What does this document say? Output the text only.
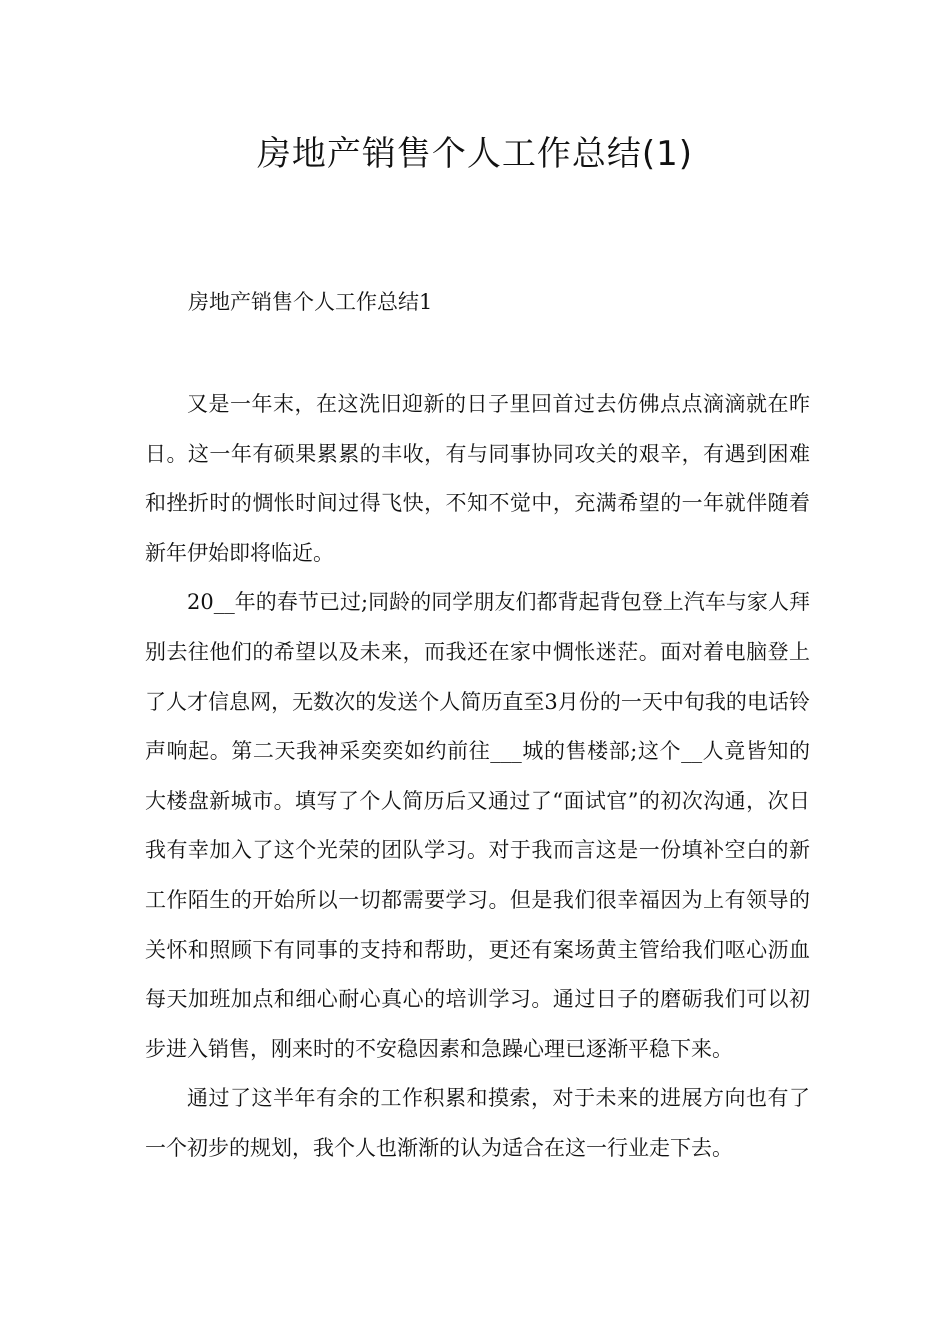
房地产销售个人工作总结(1)

房地产销售个人工作总结1

又是一年末，在这洗旧迎新的日子里回首过去仿佛点点滴滴就在昨日。这一年有硕果累累的丰收，有与同事协同攻关的艰辛，有遇到困难和挫折时的惆怅时间过得飞快，不知不觉中，充满希望的一年就伴随着新年伊始即将临近。

20__年的春节已过;同龄的同学朋友们都背起背包登上汽车与家人拜别去往他们的希望以及未来，而我还在家中惆怅迷茫。面对着电脑登上了人才信息网，无数次的发送个人简历直至3月份的一天中旬我的电话铃声响起。第二天我神采奕奕如约前往___城的售楼部;这个__人竟皆知的大楼盘新城市。填写了个人简历后又通过了“面试官”的初次沟通，次日我有幸加入了这个光荣的团队学习。对于我而言这是一份填补空白的新工作陌生的开始所以一切都需要学习。但是我们很幸福因为上有领导的关怀和照顾下有同事的支持和帮助，更还有案场黄主管给我们呕心沥血每天加班加点和细心耐心真心的培训学习。通过日子的磨砺我们可以初步进入销售，刚来时的不安稳因素和急躁心理已逐渐平稳下来。

通过了这半年有余的工作积累和摸索，对于未来的进展方向也有了一个初步的规划，我个人也渐渐的认为适合在这一行业走下去。
